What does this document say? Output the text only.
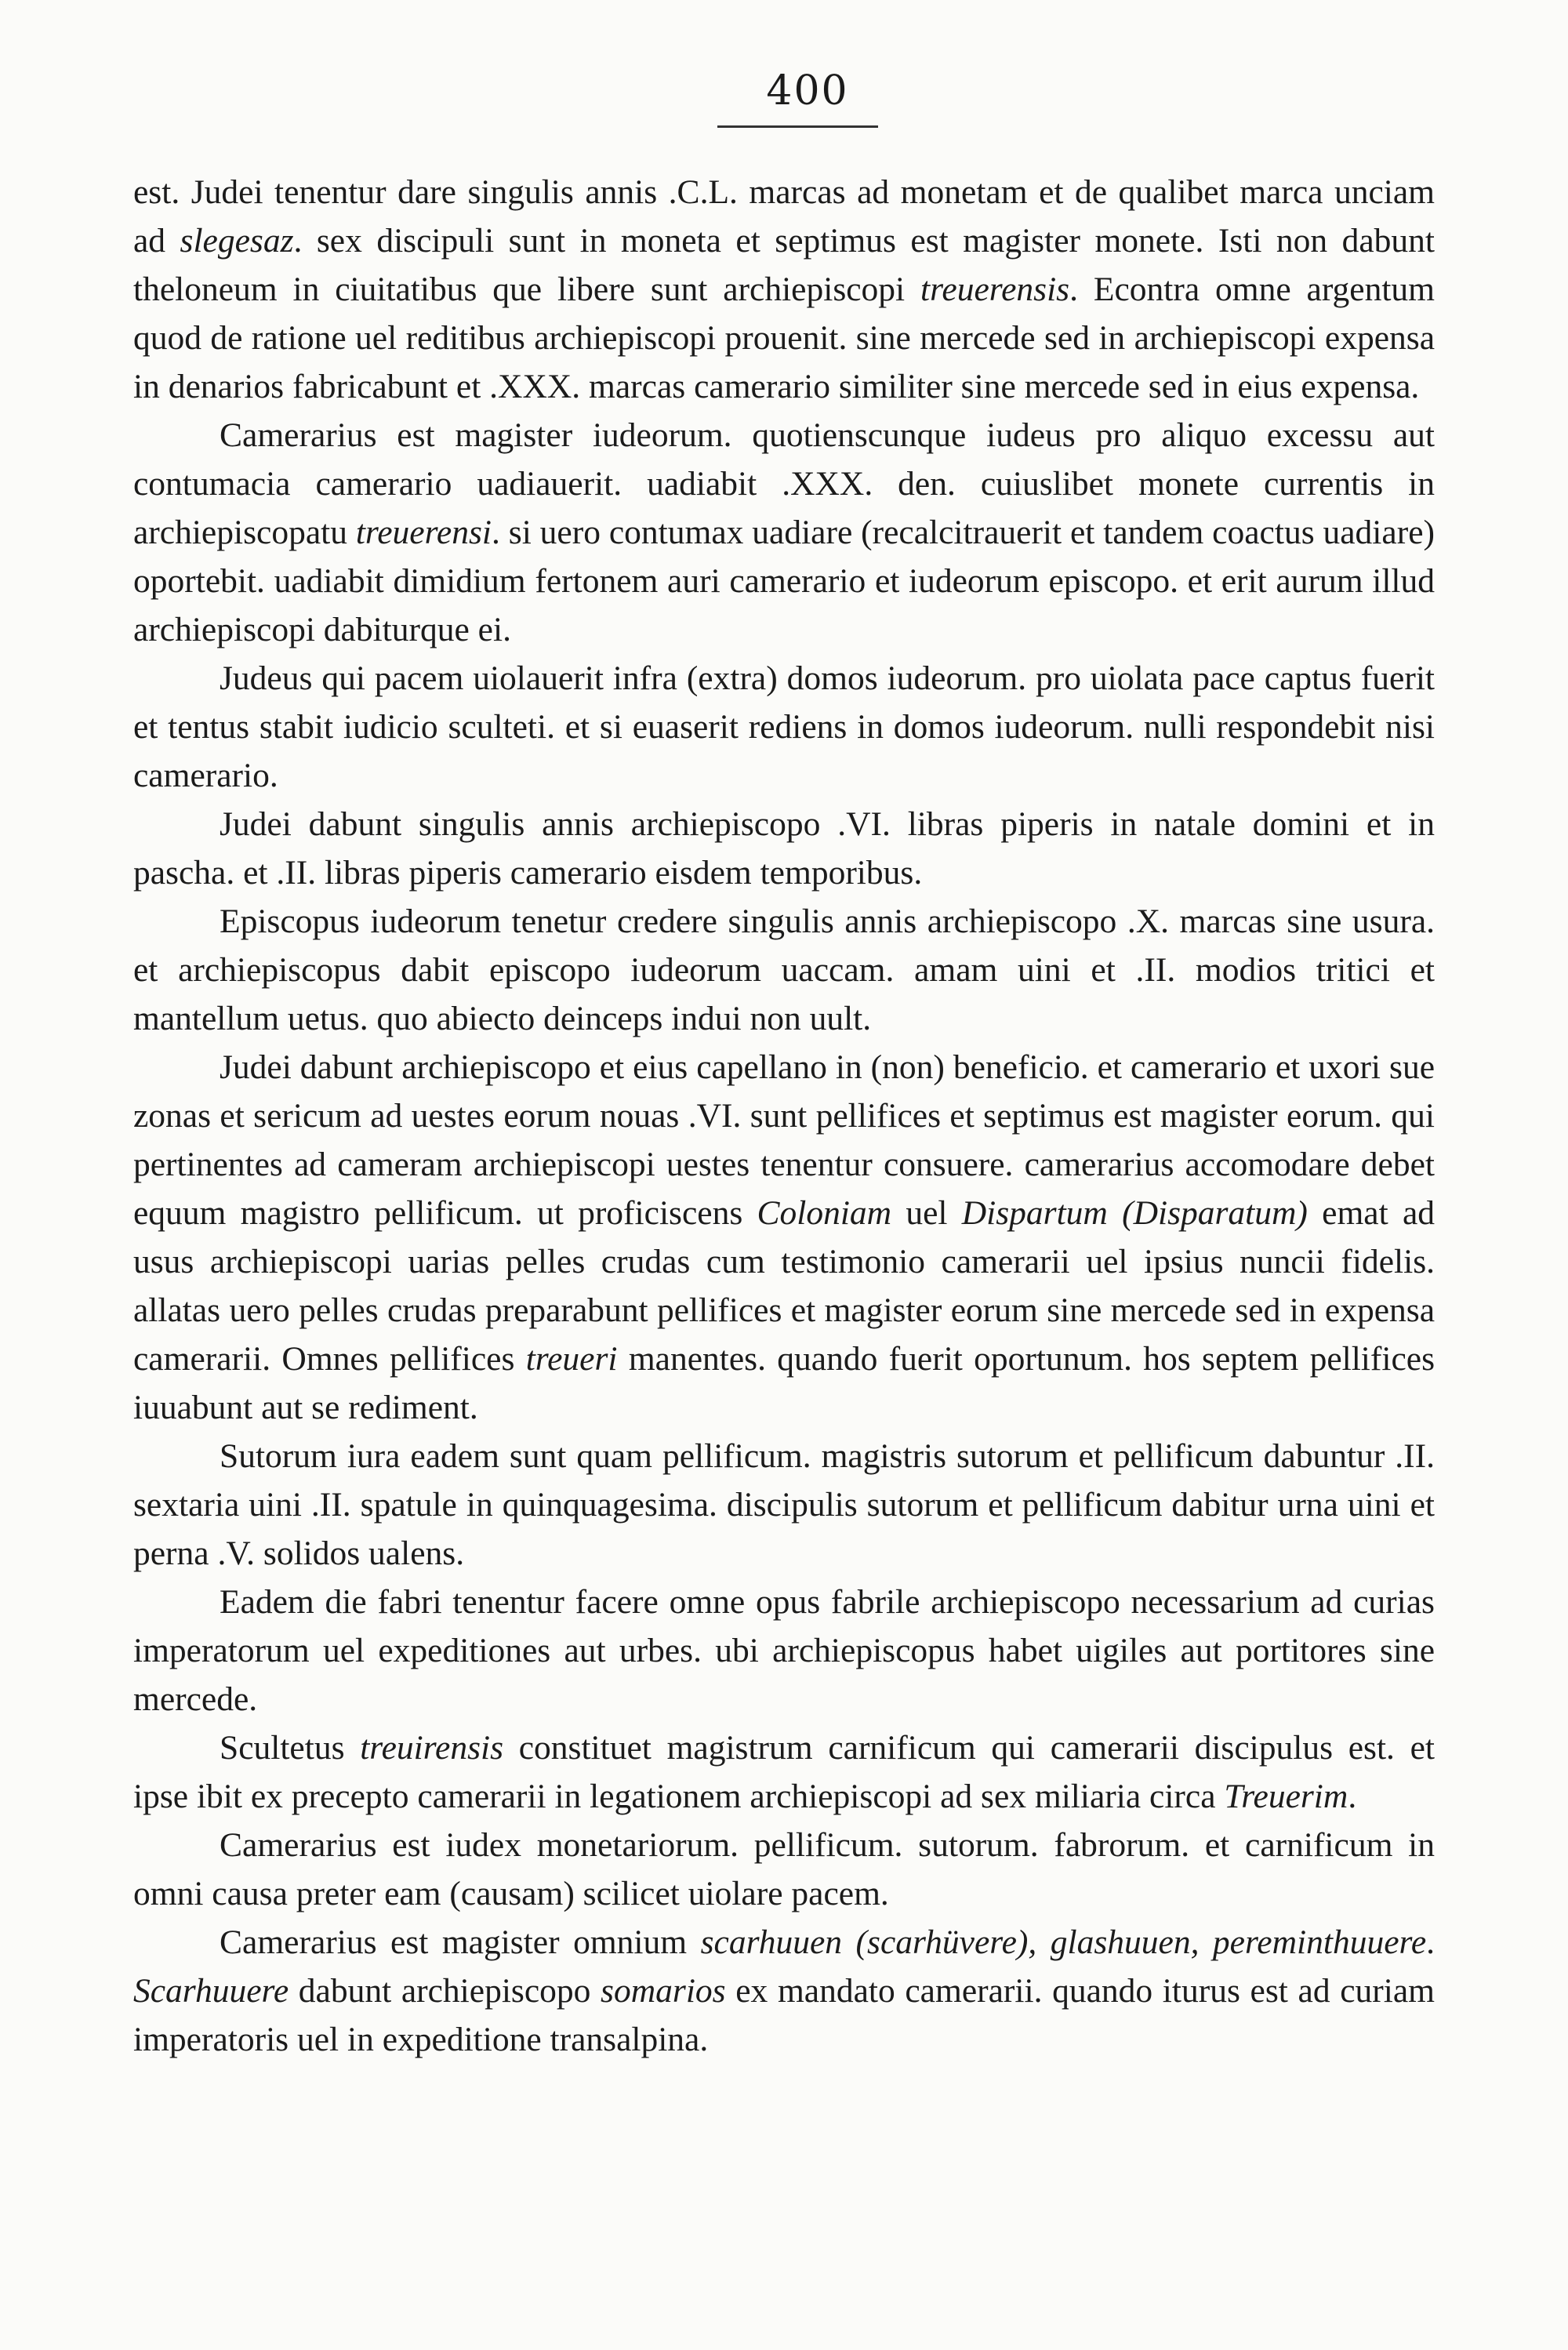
400

est. Judei tenentur dare singulis annis .C.L. marcas ad monetam et de qualibet marca unciam ad slegesaz. sex discipuli sunt in moneta et septimus est magister monete. Isti non dabunt theloneum in ciuitatibus que libere sunt archiepiscopi treuerensis. Econtra omne argentum quod de ratione uel reditibus archiepiscopi prouenit. sine mercede sed in archiepiscopi expensa in denarios fabricabunt et .XXX. marcas camerario similiter sine mercede sed in eius expensa.

Camerarius est magister iudeorum. quotienscunque iudeus pro aliquo excessu aut contumacia camerario uadiauerit. uadiabit .XXX. den. cuiuslibet monete currentis in archiepiscopatu treuerensi. si uero contumax uadiare (recalcitrauerit et tandem coactus uadiare) oportebit. uadiabit dimidium fertonem auri camerario et iudeorum episcopo. et erit aurum illud archiepiscopi dabiturque ei.

Judeus qui pacem uiolauerit infra (extra) domos iudeorum. pro uiolata pace captus fuerit et tentus stabit iudicio sculteti. et si euaserit rediens in domos iudeorum. nulli respondebit nisi camerario.

Judei dabunt singulis annis archiepiscopo .VI. libras piperis in natale domini et in pascha. et .II. libras piperis camerario eisdem temporibus.

Episcopus iudeorum tenetur credere singulis annis archiepiscopo .X. marcas sine usura. et archiepiscopus dabit episcopo iudeorum uaccam. amam uini et .II. modios tritici et mantellum uetus. quo abiecto deinceps indui non uult.

Judei dabunt archiepiscopo et eius capellano in (non) beneficio. et camerario et uxori sue zonas et sericum ad uestes eorum nouas .VI. sunt pellifices et septimus est magister eorum. qui pertinentes ad cameram archiepiscopi uestes tenentur consuere. camerarius accomodare debet equum magistro pellificum. ut proficiscens Coloniam uel Dispartum (Disparatum) emat ad usus archiepiscopi uarias pelles crudas cum testimonio camerarii uel ipsius nuncii fidelis. allatas uero pelles crudas preparabunt pellifices et magister eorum sine mercede sed in expensa camerarii. Omnes pellifices treueri manentes. quando fuerit oportunum. hos septem pellifices iuuabunt aut se rediment.

Sutorum iura eadem sunt quam pellificum. magistris sutorum et pellificum dabuntur .II. sextaria uini .II. spatule in quinquagesima. discipulis sutorum et pellificum dabitur urna uini et perna .V. solidos ualens.

Eadem die fabri tenentur facere omne opus fabrile archiepiscopo necessarium ad curias imperatorum uel expeditiones aut urbes. ubi archiepiscopus habet uigiles aut portitores sine mercede.

Scultetus treuirensis constituet magistrum carnificum qui camerarii discipulus est. et ipse ibit ex precepto camerarii in legationem archiepiscopi ad sex miliaria circa Treuerim.

Camerarius est iudex monetariorum. pellificum. sutorum. fabrorum. et carnificum in omni causa preter eam (causam) scilicet uiolare pacem.

Camerarius est magister omnium scarhuuen (scarhüvere), glashuuen, pereminthuuere. Scarhuuere dabunt archiepiscopo somarios ex mandato camerarii. quando iturus est ad curiam imperatoris uel in expeditione transalpina.
